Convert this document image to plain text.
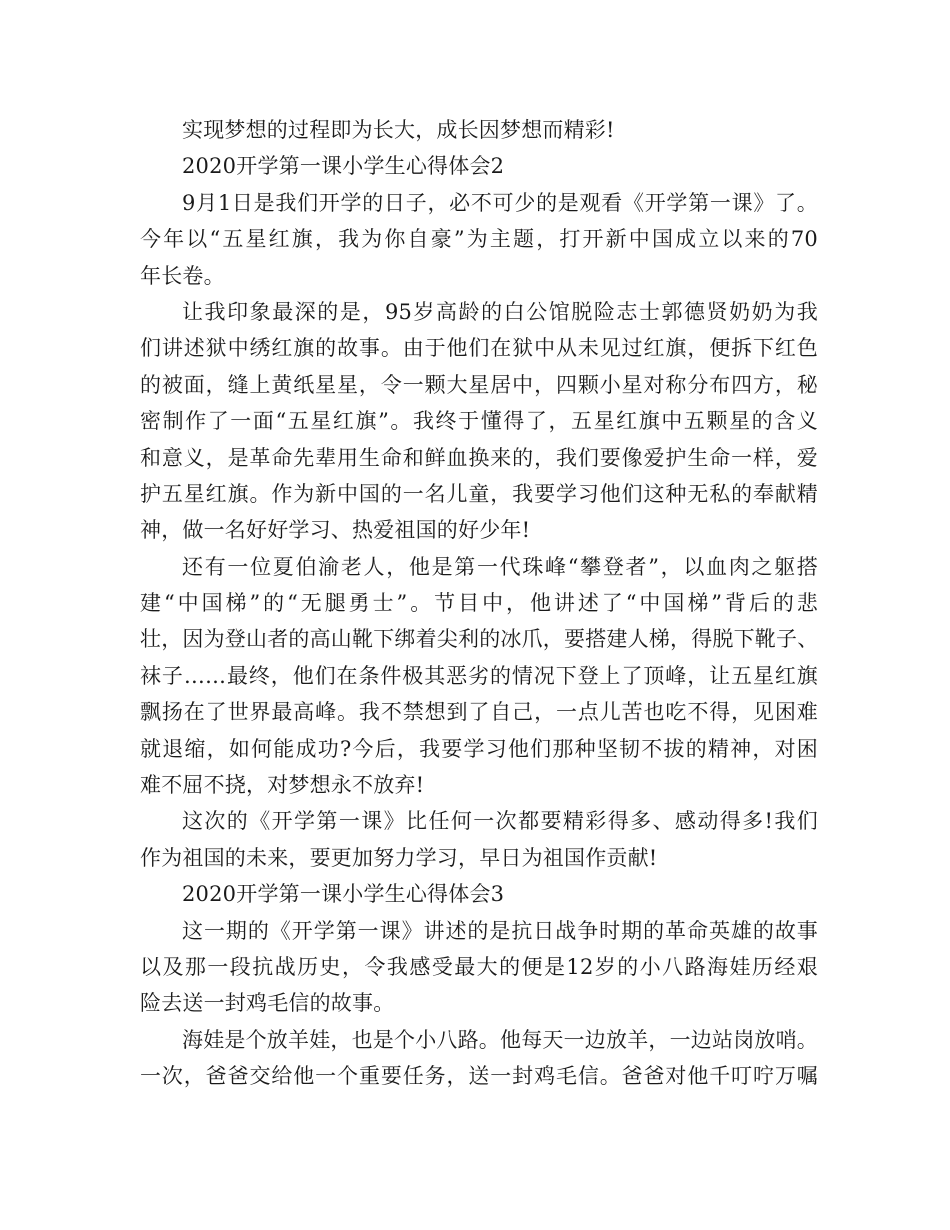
实现梦想的过程即为长大，成长因梦想而精彩!
2020开学第一课小学生心得体会2
9月1日是我们开学的日子，必不可少的是观看《开学第一课》了。
今年以“五星红旗，我为你自豪”为主题，打开新中国成立以来的70
年长卷。
让我印象最深的是，95岁高龄的白公馆脱险志士郭德贤奶奶为我
们讲述狱中绣红旗的故事。由于他们在狱中从未见过红旗，便拆下红色
的被面，缝上黄纸星星，令一颗大星居中，四颗小星对称分布四方，秘
密制作了一面“五星红旗”。我终于懂得了，五星红旗中五颗星的含义
和意义，是革命先辈用生命和鲜血换来的，我们要像爱护生命一样，爱
护五星红旗。作为新中国的一名儿童，我要学习他们这种无私的奉献精
神，做一名好好学习、热爱祖国的好少年!
还有一位夏伯渝老人，他是第一代珠峰“攀登者”，以血肉之躯搭
建“中国梯”的“无腿勇士”。节目中，他讲述了“中国梯”背后的悲
壮，因为登山者的高山靴下绑着尖利的冰爪，要搭建人梯，得脱下靴子、
袜子……最终，他们在条件极其恶劣的情况下登上了顶峰，让五星红旗
飘扬在了世界最高峰。我不禁想到了自己，一点儿苦也吃不得，见困难
就退缩，如何能成功?今后，我要学习他们那种坚韧不拔的精神，对困
难不屈不挠，对梦想永不放弃!
这次的《开学第一课》比任何一次都要精彩得多、感动得多!我们
作为祖国的未来，要更加努力学习，早日为祖国作贡献!
2020开学第一课小学生心得体会3
这一期的《开学第一课》讲述的是抗日战争时期的革命英雄的故事
以及那一段抗战历史，令我感受最大的便是12岁的小八路海娃历经艰
险去送一封鸡毛信的故事。
海娃是个放羊娃，也是个小八路。他每天一边放羊，一边站岗放哨。
一次，爸爸交给他一个重要任务，送一封鸡毛信。爸爸对他千叮咛万嘱
